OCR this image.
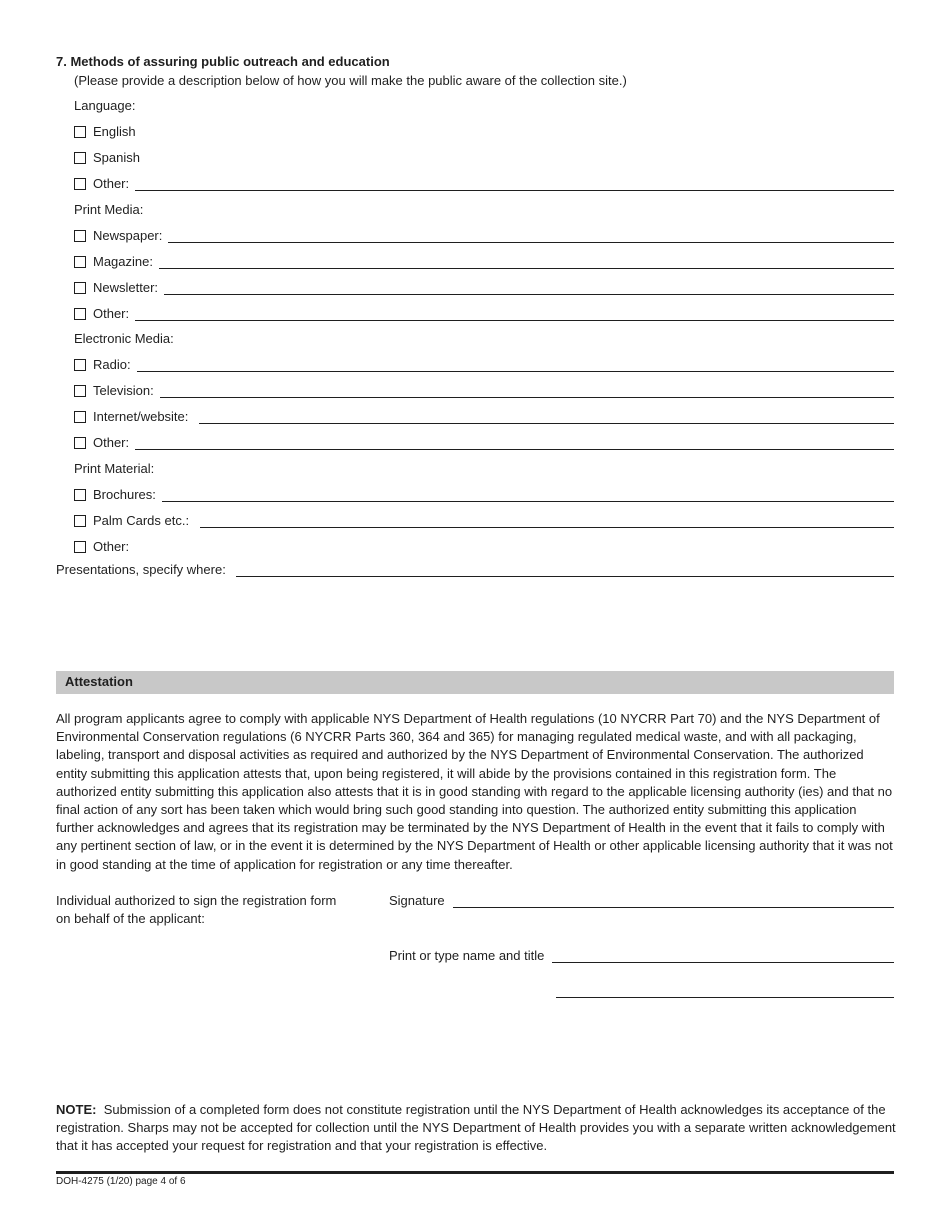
7. Methods of assuring public outreach and education
(Please provide a description below of how you will make the public aware of the collection site.)
Language:
English
Spanish
Other:
Print Media:
Newspaper:
Magazine:
Newsletter:
Other:
Electronic Media:
Radio:
Television:
Internet/website:
Other:
Print Material:
Brochures:
Palm Cards etc.:
Other:
Presentations, specify where:
Attestation
All program applicants agree to comply with applicable NYS Department of Health regulations (10 NYCRR Part 70) and the NYS Department of Environmental Conservation regulations (6 NYCRR Parts 360, 364 and 365) for managing regulated medical waste, and with all packaging, labeling, transport and disposal activities as required and authorized by the NYS Department of Environmental Conservation. The authorized entity submitting this application attests that, upon being registered, it will abide by the provisions contained in this registration form. The authorized entity submitting this application also attests that it is in good standing with regard to the applicable licensing authority (ies) and that no final action of any sort has been taken which would bring such good standing into question. The authorized entity submitting this application further acknowledges and agrees that its registration may be terminated by the NYS Department of Health in the event that it fails to comply with any pertinent section of law, or in the event it is determined by the NYS Department of Health or other applicable licensing authority that it was not in good standing at the time of application for registration or any time thereafter.
Individual authorized to sign the registration form on behalf of the applicant:
Signature
Print or type name and title
NOTE: Submission of a completed form does not constitute registration until the NYS Department of Health acknowledges its acceptance of the registration. Sharps may not be accepted for collection until the NYS Department of Health provides you with a separate written acknowledgement that it has accepted your request for registration and that your registration is effective.
DOH-4275 (1/20) page 4 of 6
